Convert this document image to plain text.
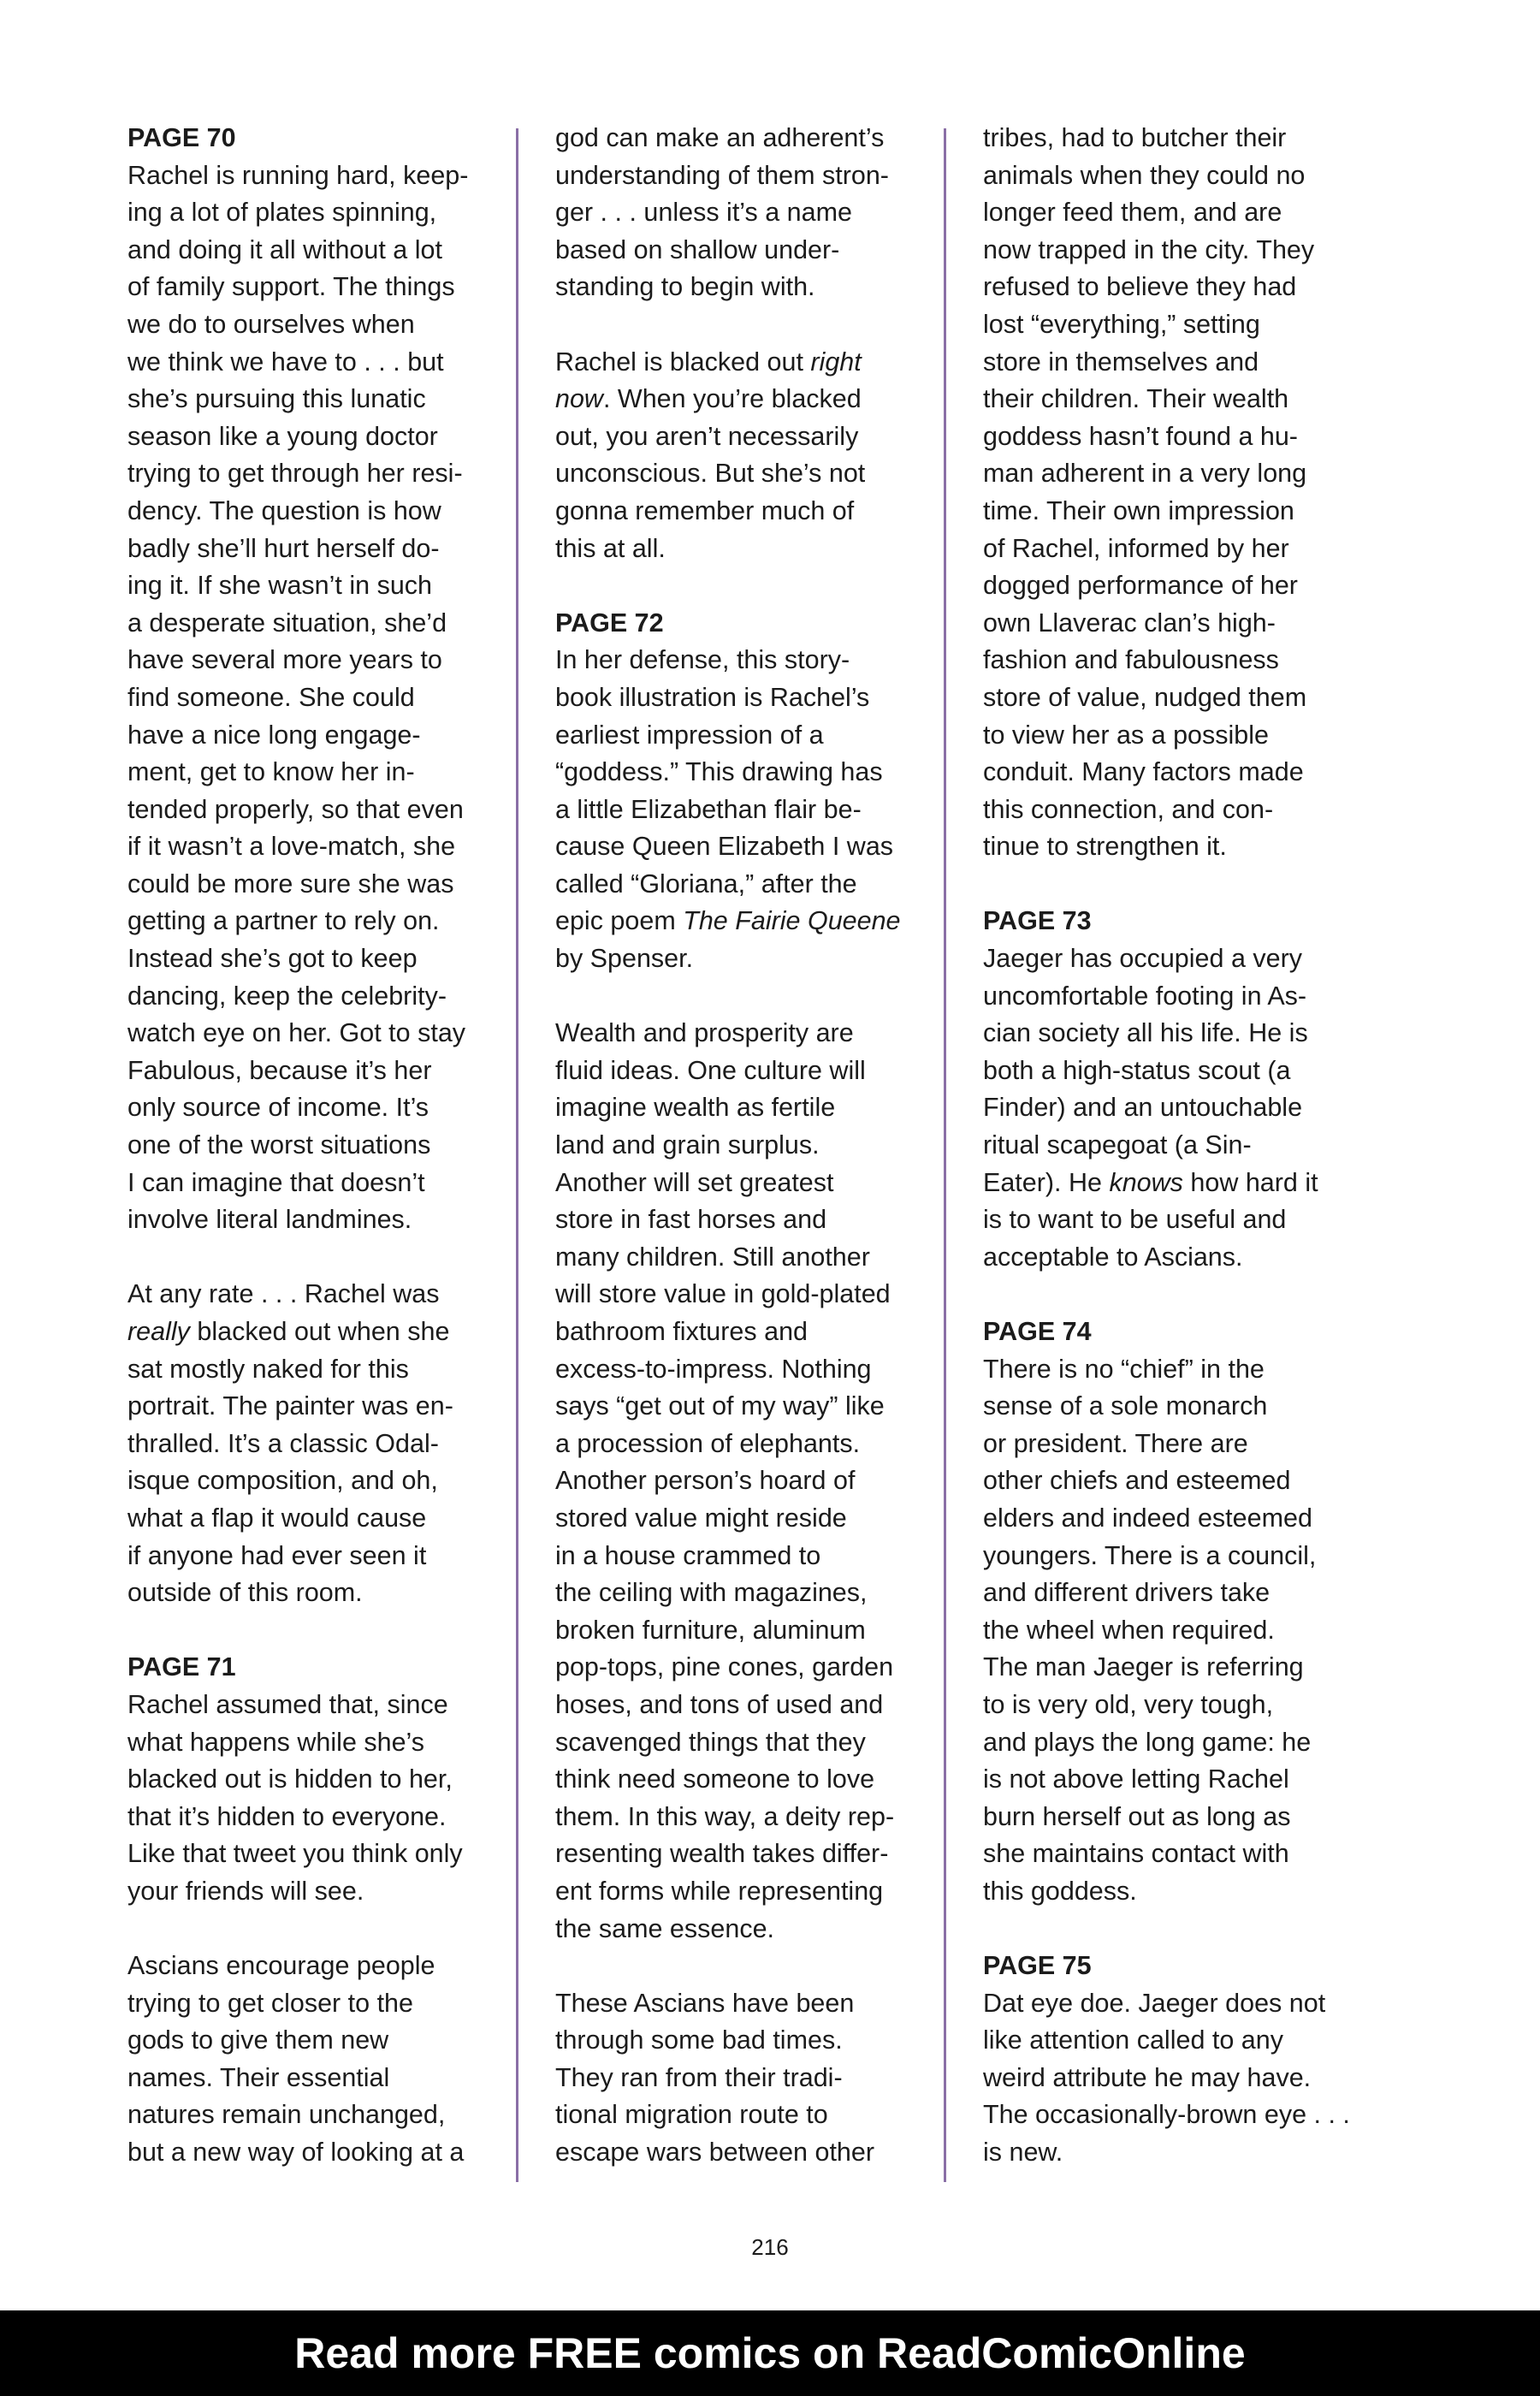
PAGE 70
Rachel is running hard, keep-
ing a lot of plates spinning,
and doing it all without a lot
of family support. The things
we do to ourselves when
we think we have to . . . but
she’s pursuing this lunatic
season like a young doctor
trying to get through her resi-
dency. The question is how
badly she’ll hurt herself do-
ing it. If she wasn’t in such
a desperate situation, she’d
have several more years to
find someone. She could
have a nice long engage-
ment, get to know her in-
tended properly, so that even
if it wasn’t a love-match, she
could be more sure she was
getting a partner to rely on.
Instead she’s got to keep
dancing, keep the celebrity-
watch eye on her. Got to stay
Fabulous, because it’s her
only source of income. It’s
one of the worst situations
I can imagine that doesn’t
involve literal landmines.
At any rate . . . Rachel was
really blacked out when she
sat mostly naked for this
portrait. The painter was en-
thralled. It’s a classic Odal-
isque composition, and oh,
what a flap it would cause
if anyone had ever seen it
outside of this room.
PAGE 71
Rachel assumed that, since
what happens while she’s
blacked out is hidden to her,
that it’s hidden to everyone.
Like that tweet you think only
your friends will see.
Ascians encourage people
trying to get closer to the
gods to give them new
names. Their essential
natures remain unchanged,
but a new way of looking at a
god can make an adherent’s
understanding of them stron-
ger . . . unless it’s a name
based on shallow under-
standing to begin with.
Rachel is blacked out right
now. When you’re blacked
out, you aren’t necessarily
unconscious. But she’s not
gonna remember much of
this at all.
PAGE 72
In her defense, this story-
book illustration is Rachel’s
earliest impression of a
“goddess.” This drawing has
a little Elizabethan flair be-
cause Queen Elizabeth I was
called “Gloriana,” after the
epic poem The Fairie Queene
by Spenser.
Wealth and prosperity are
fluid ideas. One culture will
imagine wealth as fertile
land and grain surplus.
Another will set greatest
store in fast horses and
many children. Still another
will store value in gold-plated
bathroom fixtures and
excess-to-impress. Nothing
says “get out of my way” like
a procession of elephants.
Another person’s hoard of
stored value might reside
in a house crammed to
the ceiling with magazines,
broken furniture, aluminum
pop-tops, pine cones, garden
hoses, and tons of used and
scavenged things that they
think need someone to love
them. In this way, a deity rep-
resenting wealth takes differ-
ent forms while representing
the same essence.
These Ascians have been
through some bad times.
They ran from their tradi-
tional migration route to
escape wars between other
tribes, had to butcher their
animals when they could no
longer feed them, and are
now trapped in the city. They
refused to believe they had
lost “everything,” setting
store in themselves and
their children. Their wealth
goddess hasn’t found a hu-
man adherent in a very long
time. Their own impression
of Rachel, informed by her
dogged performance of her
own Llaverac clan’s high-
fashion and fabulousness
store of value, nudged them
to view her as a possible
conduit. Many factors made
this connection, and con-
tinue to strengthen it.
PAGE 73
Jaeger has occupied a very
uncomfortable footing in As-
cian society all his life. He is
both a high-status scout (a
Finder) and an untouchable
ritual scapegoat (a Sin-
Eater). He knows how hard it
is to want to be useful and
acceptable to Ascians.
PAGE 74
There is no “chief” in the
sense of a sole monarch
or president. There are
other chiefs and esteemed
elders and indeed esteemed
youngers. There is a council,
and different drivers take
the wheel when required.
The man Jaeger is referring
to is very old, very tough,
and plays the long game: he
is not above letting Rachel
burn herself out as long as
she maintains contact with
this goddess.
PAGE 75
Dat eye doe. Jaeger does not
like attention called to any
weird attribute he may have.
The occasionally-brown eye . . .
is new.
216
Read more FREE comics on ReadComicOnline
